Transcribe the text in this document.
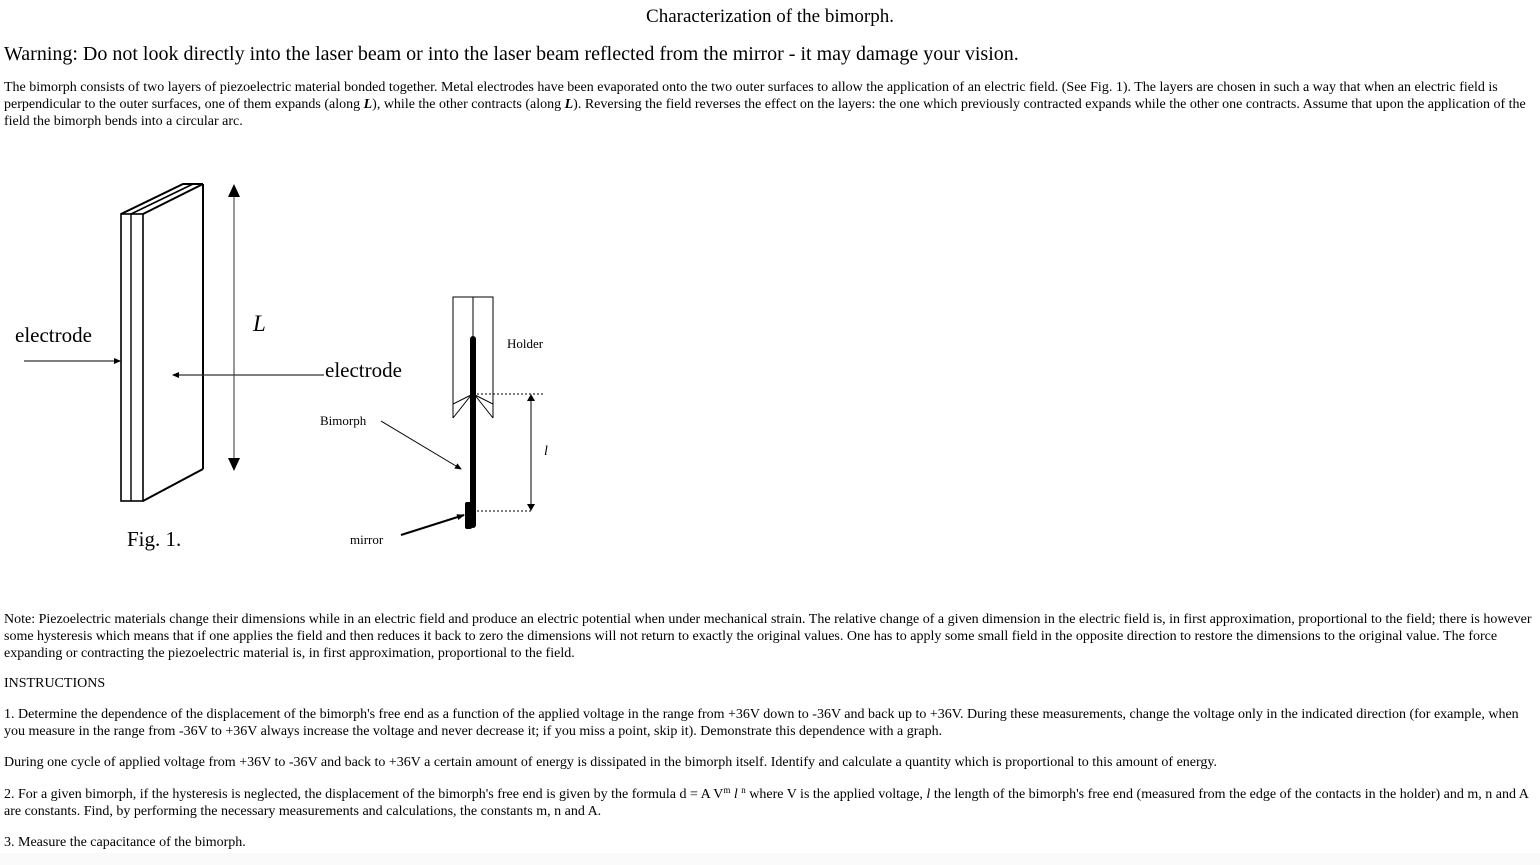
Characterization of the bimorph.
Warning: Do not look directly into the laser beam or into the laser beam reflected from the mirror - it may damage your vision.
The bimorph consists of two layers of piezoelectric material bonded together. Metal electrodes have been evaporated onto the two outer surfaces to allow the application of an electric field. (See Fig. 1). The layers are chosen in such a way that when an electric field is perpendicular to the outer surfaces, one of them expands (along L), while the other contracts (along L). Reversing the field reverses the effect on the layers: the one which previously contracted expands while the other one contracts. Assume that upon the application of the field the bimorph bends into a circular arc.
electrode
electrode
L
Fig. 1.
Holder
Bimorph
mirror
l
Note: Piezoelectric materials change their dimensions while in an electric field and produce an electric potential when under mechanical strain. The relative change of a given dimension in the electric field is, in first approximation, proportional to the field; there is however some hysteresis which means that if one applies the field and then reduces it back to zero the dimensions will not return to exactly the original values. One has to apply some small field in the opposite direction to restore the dimensions to the original value. The force expanding or contracting the piezoelectric material is, in first approximation, proportional to the field.
INSTRUCTIONS
1. Determine the dependence of the displacement of the bimorph's free end as a function of the applied voltage in the range from +36V down to -36V and back up to +36V. During these measurements, change the voltage only in the indicated direction (for example, when you measure in the range from -36V to +36V always increase the voltage and never decrease it; if you miss a point, skip it). Demonstrate this dependence with a graph.
During one cycle of applied voltage from +36V to -36V and back to +36V a certain amount of energy is dissipated in the bimorph itself. Identify and calculate a quantity which is proportional to this amount of energy.
2. For a given bimorph, if the hysteresis is neglected, the displacement of the bimorph's free end is given by the formula d = A $V^m$ l $^n$ where V is the applied voltage, l the length of the bimorph's free end (measured from the edge of the contacts in the holder) and m, n and A are constants. Find, by performing the necessary measurements and calculations, the constants m, n and A.
3. Measure the capacitance of the bimorph.
